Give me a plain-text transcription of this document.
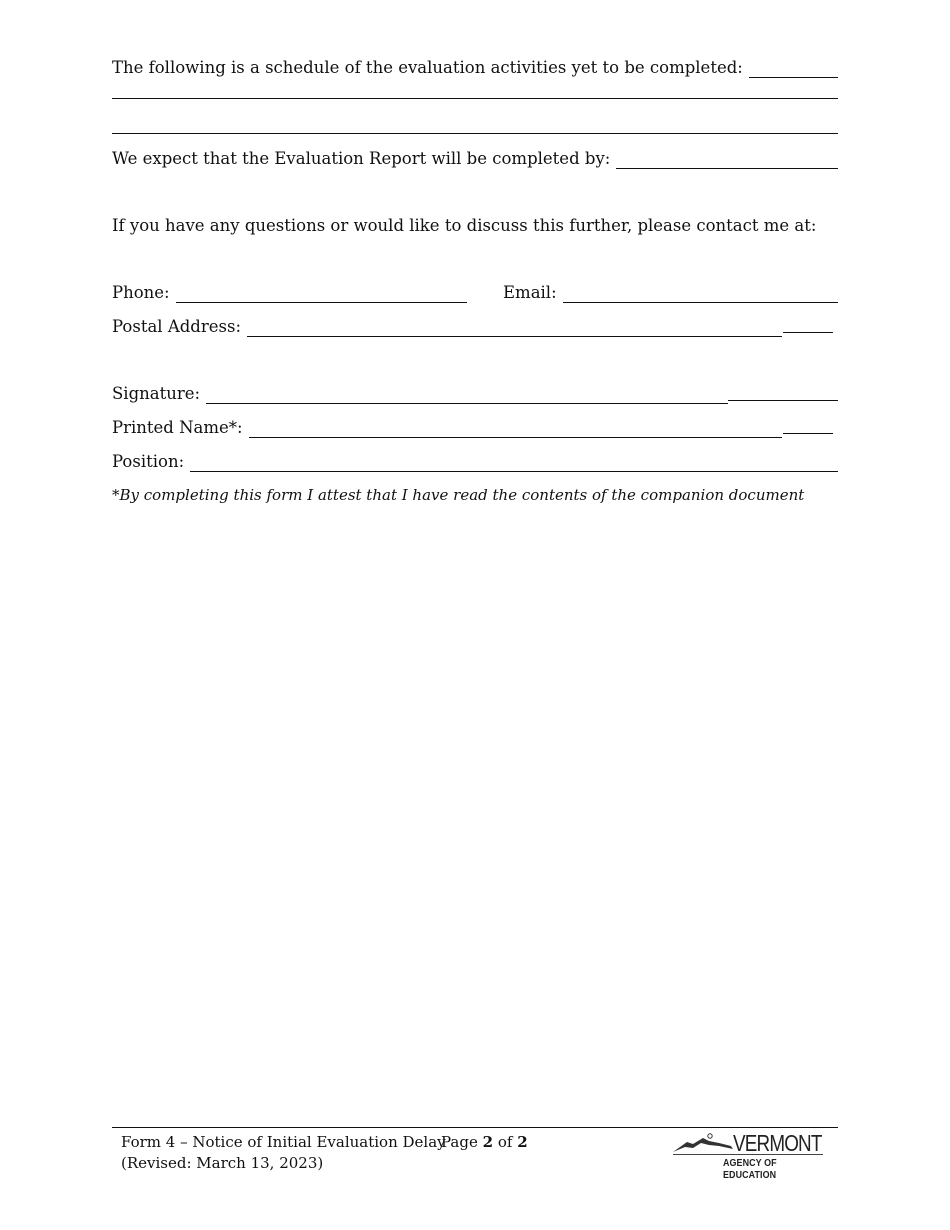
The following is a schedule of the evaluation activities yet to be completed:
We expect that the Evaluation Report will be completed by:
If you have any questions or would like to discuss this further, please contact me at:
Phone:	Email:
Postal Address:
Signature:
Printed Name*:
Position:
*By completing this form I attest that I have read the contents of the companion document
Form 4 – Notice of Initial Evaluation Delay
(Revised: March 13, 2023)
Page 2 of 2	VERMONT
AGENCY OF EDUCATION
